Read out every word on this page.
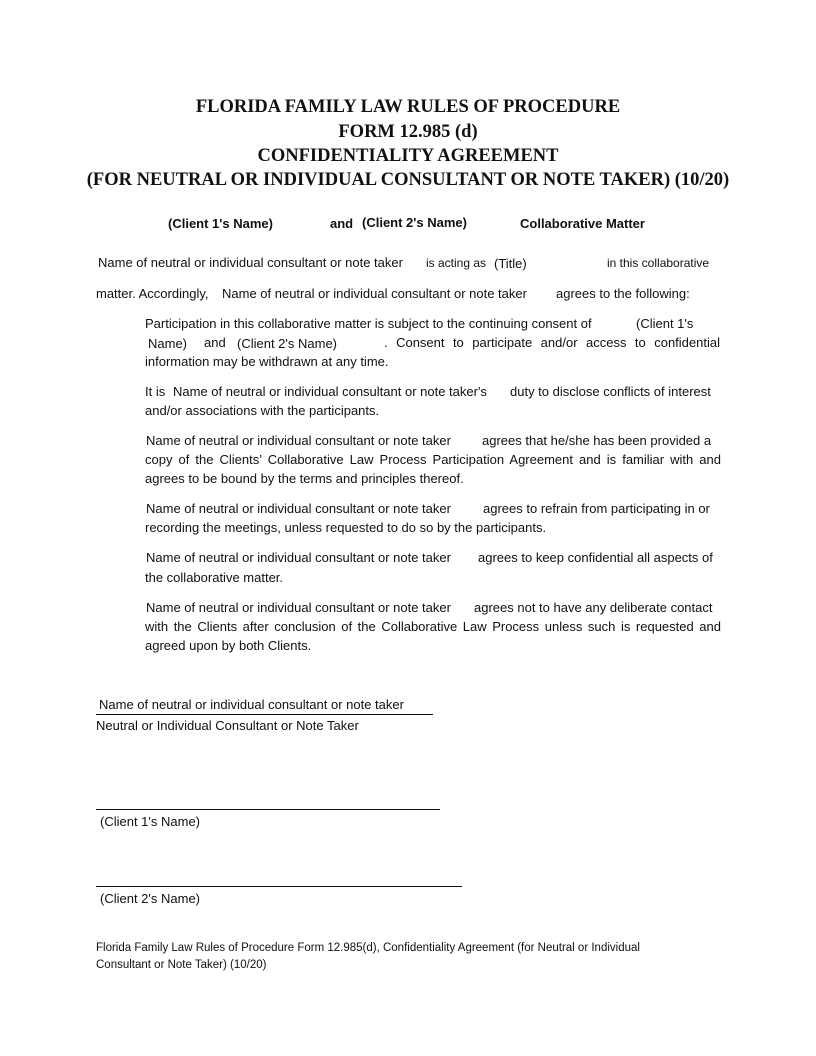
FLORIDA FAMILY LAW RULES OF PROCEDURE
FORM 12.985 (d)
CONFIDENTIALITY AGREEMENT
(FOR NEUTRAL OR INDIVIDUAL CONSULTANT OR NOTE TAKER) (10/20)
(Client 1's Name)	and (Client 2's Name)	Collaborative Matter
Name of neutral or individual consultant or note taker is acting as (Title)	in this collaborative
matter. Accordingly, Name of neutral or individual consultant or note taker agrees to the following:
Participation in this collaborative matter is subject to the continuing consent of	(Client 1's
Name) and (Client 2's Name)	. Consent to participate and/or access to confidential
information may be withdrawn at any time.
It is Name of neutral or individual consultant or note taker's duty to disclose conflicts of interest
and/or associations with the participants.
Name of neutral or individual consultant or note taker agrees that he/she has been provided a
copy of the Clients’ Collaborative Law Process Participation Agreement and is familiar with and
agrees to be bound by the terms and principles thereof.
Name of neutral or individual consultant or note taker agrees to refrain from participating in or
recording the meetings, unless requested to do so by the participants.
Name of neutral or individual consultant or note taker agrees to keep confidential all aspects of
the collaborative matter.
Name of neutral or individual consultant or note taker agrees not to have any deliberate contact
with the Clients after conclusion of the Collaborative Law Process unless such is requested and
agreed upon by both Clients.
Name of neutral or individual consultant or note taker
Neutral or Individual Consultant or Note Taker
(Client 1's Name)
(Client 2's Name)
Florida Family Law Rules of Procedure Form 12.985(d), Confidentiality Agreement (for Neutral or Individual
Consultant or Note Taker) (10/20)
